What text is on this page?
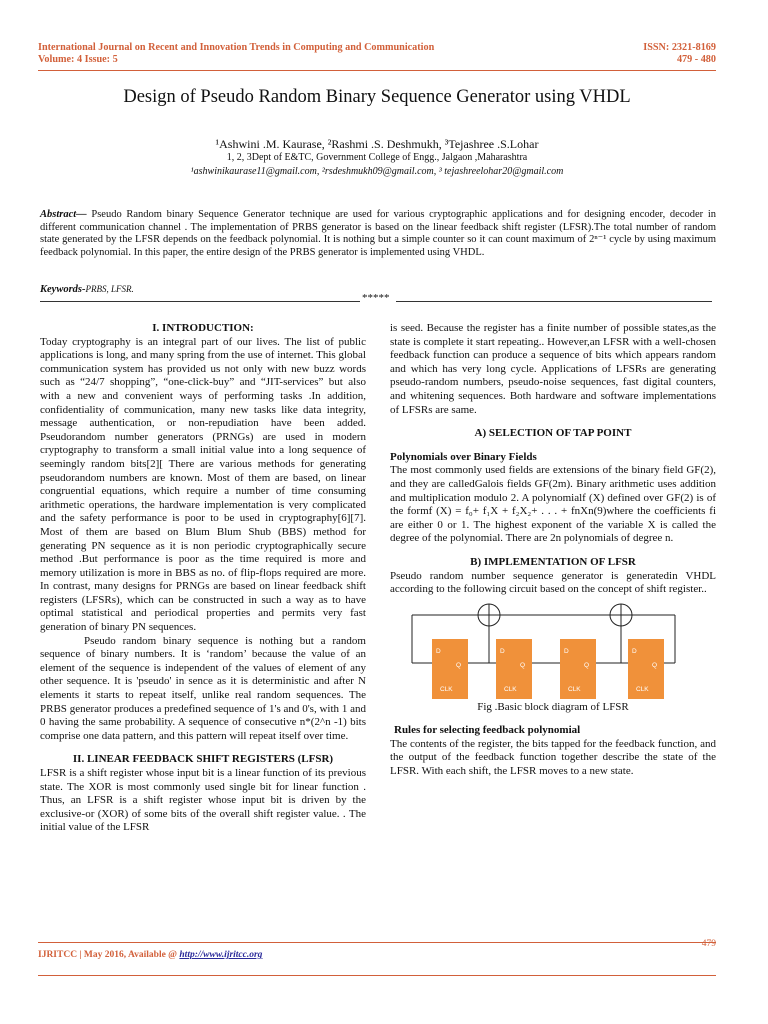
International Journal on Recent and Innovation Trends in Computing and Communication
Volume: 4 Issue: 5
ISSN: 2321-8169
479 - 480
Design of Pseudo Random Binary Sequence Generator using VHDL
¹Ashwini .M. Kaurase, ²Rashmi .S. Deshmukh, ³Tejashree .S.Lohar
1, 2, 3Dept of E&TC, Government College of Engg., Jalgaon ,Maharashtra
¹ashwinikaurase11@gmail.com, ²rsdeshmukh09@gmail.com, ³ tejashreelohar20@gmail.com
Abstract— Pseudo Random binary Sequence Generator technique are used for various cryptographic applications and for designing encoder, decoder in different communication channel . The implementation of PRBS generator is based on the linear feedback shift register (LFSR).The total number of random state generated by the LFSR depends on the feedback polynomial. It is nothing but a simple counter so it can count maximum of 2ⁿ⁻¹ cycle by using maximum feedback polynomial. In this paper, the entire design of the PRBS generator is implemented using VHDL.
Keywords-PRBS, LFSR.
*****

I. INTRODUCTION:

Today cryptography is an integral part of our lives. The list of public applications is long, and many spring from the use of internet. This global communication system has provided us not only with new buzz words such as “24/7 shopping”, “one-click-buy” and “JIT-services” but also with a new and convenient ways of performing tasks .In addition, confidentiality of communication, many new tasks like data integrity, message authentication, or non-repudiation have been added. Pseudorandom number generators (PRNGs) are used in modern cryptography to transform a small initial value into a long sequence of seemingly random bits[2][ There are various methods for generating pseudorandom numbers are known. Most of them are based, on linear congruential equations, which require a number of time consuming arithmetic operations, the hardware implementation is very complicated and the safety performance is poor to be used in cryptography[6][7]. Most of them are based on Blum Blum Shub (BBS) method for generating PN sequence as it is non periodic cryptographically secure method .But performance is poor as the time required is more and memory utilization is more in BBS as no. of flip-flops required are more. In contrast, many designs for PRNGs are based on linear feedback shift registers (LFSRs), which can be constructed in such a way as to have optimal statistical and periodical properties and permits very fast generation of binary PN sequences.

Pseudo random binary sequence is nothing but a random sequence of binary numbers. It is ‘random’ because the value of an element of the sequence is independent of the values of element of any other sequence. It is 'pseudo' in sence as it is deterministic and after N elements it starts to repeat itself, unlike real random sequences. The PRBS generator produces a predefined sequence of 1's and 0's, with 1 and 0 having the same probability. A sequence of consecutive n*(2^n -1) bits comprise one data pattern, and this pattern will repeat itself over time.

II. LINEAR FEEDBACK SHIFT REGISTERS (LFSR)

LFSR is a shift register whose input bit is a linear function of its previous state. The XOR is most commonly used single bit for linear function . Thus, an LFSR is a shift register whose input bit is driven by the exclusive-or (XOR) of some bits of the overall shift register value. . The initial value of the LFSR

is seed. Because the register has a finite number of possible states,as the state is complete it start repeating.. However,an LFSR with a well-chosen feedback function can produce a sequence of bits which appears random and which has very long cycle. Applications of LFSRs are generating pseudo-random numbers, pseudo-noise sequences, fast digital counters, and whitening sequences. Both hardware and software implementations of LFSRs are same.

A) SELECTION OF TAP POINT

Polynomials over Binary Fields

The most commonly used fields are extensions of the binary field GF(2), and they are calledGalois fields GF(2m). Binary arithmetic uses addition and multiplication modulo 2. A polynomialf (X) defined over GF(2) is of the formf (X) = f₀+ f₁X + f₂X₂+ . . . + fnXn(9)where the coefficients fi are either 0 or 1. The highest exponent of the variable X is called the degree of the polynomial. There are 2n polynomials of degree n.

B) IMPLEMENTATION OF LFSR

Pseudo random number sequence generator is generatedin VHDL according to the following circuit based on the concept of shift register..

D
Q
CLK
D
Q
CLK
D
Q
CLK
D
Q
CLK

Fig .Basic block diagram of LFSR

Rules for selecting feedback polynomial

The contents of the register, the bits tapped for the feedback function, and the output of the feedback function together describe the state of the LFSR. With each shift, the LFSR moves to a new state.

479
IJRITCC | May 2016, Available @ http://www.ijritcc.org
